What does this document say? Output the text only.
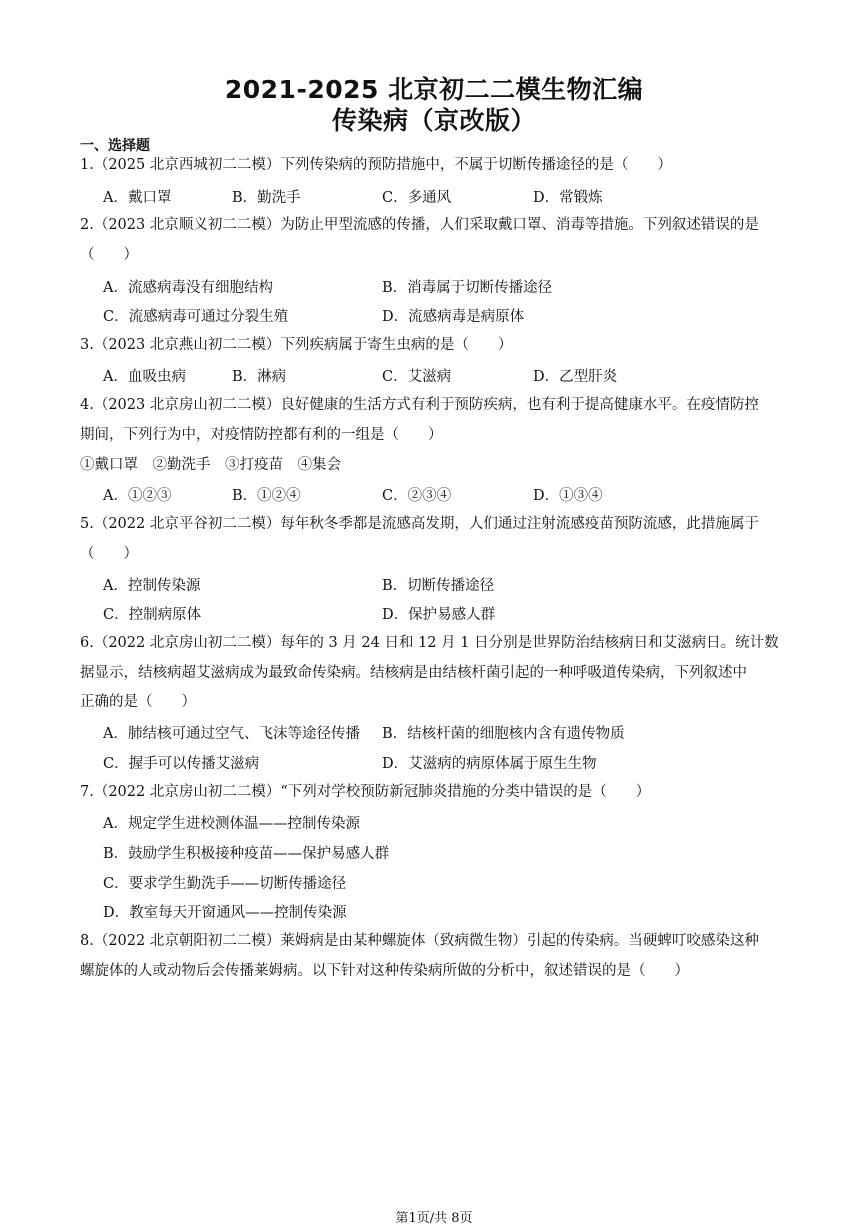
2021-2025 北京初二二模生物汇编
传染病（京改版）
一、选择题
1.（2025 北京西城初二二模）下列传染病的预防措施中，不属于切断传播途径的是（　　）
A．戴口罩	B．勤洗手	C．多通风	D．常锻炼
2.（2023 北京顺义初二二模）为防止甲型流感的传播，人们采取戴口罩、消毒等措施。下列叙述错误的是
（　　）
A．流感病毒没有细胞结构	B．消毒属于切断传播途径
C．流感病毒可通过分裂生殖	D．流感病毒是病原体
3.（2023 北京燕山初二二模）下列疾病属于寄生虫病的是（　　）
A．血吸虫病	B．淋病	C．艾滋病	D．乙型肝炎
4.（2023 北京房山初二二模）良好健康的生活方式有利于预防疾病，也有利于提高健康水平。在疫情防控
期间，下列行为中，对疫情防控都有利的一组是（　　）
①戴口罩　②勤洗手　③打疫苗　④集会
A．①②③	B．①②④	C．②③④	D．①③④
5.（2022 北京平谷初二二模）每年秋冬季都是流感高发期，人们通过注射流感疫苗预防流感，此措施属于
（　　）
A．控制传染源	B．切断传播途径
C．控制病原体	D．保护易感人群
6.（2022 北京房山初二二模）每年的 3 月 24 日和 12 月 1 日分别是世界防治结核病日和艾滋病日。统计数
据显示，结核病超艾滋病成为最致命传染病。结核病是由结核杆菌引起的一种呼吸道传染病，下列叙述中
正确的是（　　）
A．肺结核可通过空气、飞沫等途径传播 B．结核杆菌的细胞核内含有遗传物质
C．握手可以传播艾滋病	D．艾滋病的病原体属于原生生物
7.（2022 北京房山初二二模）“下列对学校预防新冠肺炎措施的分类中错误的是（　　）
A．规定学生进校测体温——控制传染源
B．鼓励学生积极接种疫苗——保护易感人群
C．要求学生勤洗手——切断传播途径
D．教室每天开窗通风——控制传染源
8.（2022 北京朝阳初二二模）莱姆病是由某种螺旋体（致病微生物）引起的传染病。当硬蜱叮咬感染这种
螺旋体的人或动物后会传播莱姆病。以下针对这种传染病所做的分析中，叙述错误的是（　　）
第1页/共 8页
